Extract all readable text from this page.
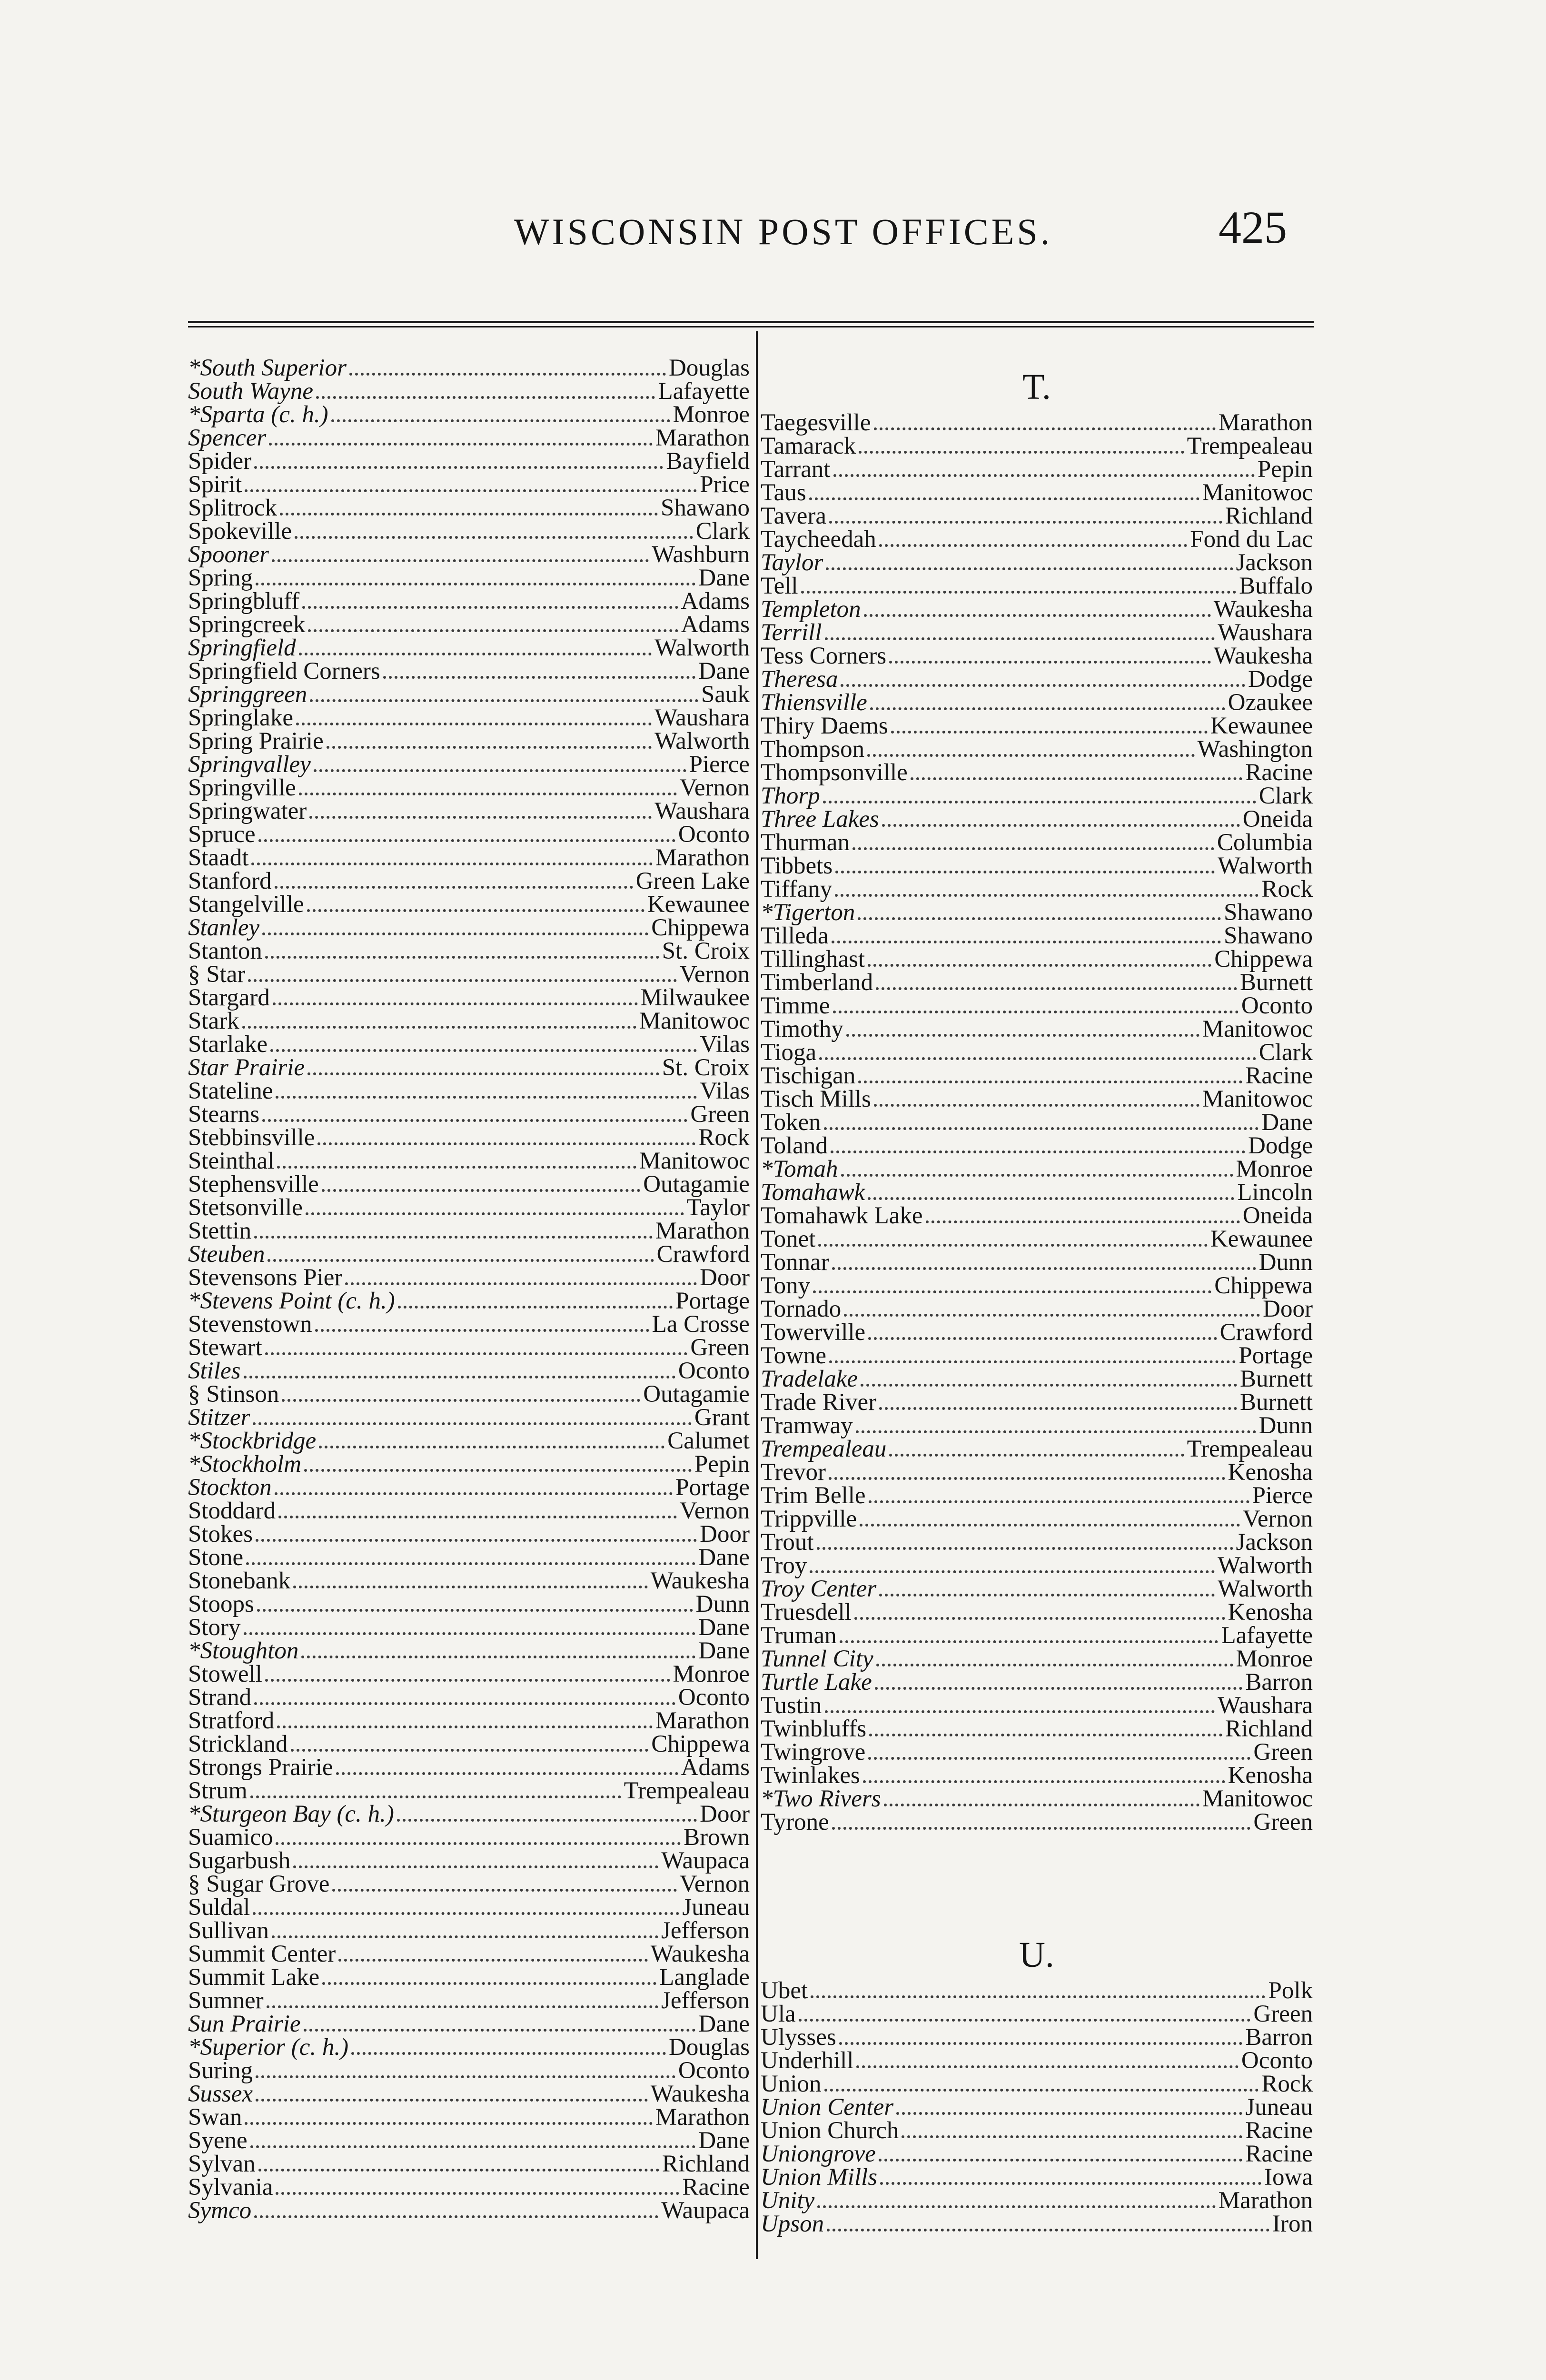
WISCONSIN POST OFFICES.	425
*South Superior	Douglas
South Wayne	Lafayette
*Sparta (c. h.)	Monroe
Spencer	Marathon
Spider	Bayfield
Spirit	Price
Splitrock	Shawano
Spokeville	Clark
Spooner	Washburn
Spring	Dane
Springbluff	Adams
Springcreek	Adams
Springfield	Walworth
Springfield Corners	Dane
Springgreen	Sauk
Springlake	Waushara
Spring Prairie	Walworth
Springvalley	Pierce
Springville	Vernon
Springwater	Waushara
Spruce	Oconto
Staadt	Marathon
Stanford	Green Lake
Stangelville	Kewaunee
Stanley	Chippewa
Stanton	St. Croix
§ Star	Vernon
Stargard	Milwaukee
Stark	Manitowoc
Starlake	Vilas
Star Prairie	St. Croix
Stateline	Vilas
Stearns	Green
Stebbinsville	Rock
Steinthal	Manitowoc
Stephensville	Outagamie
Stetsonville	Taylor
Stettin	Marathon
Steuben	Crawford
Stevensons Pier	Door
*Stevens Point (c. h.)	Portage
Stevenstown	La Crosse
Stewart	Green
Stiles	Oconto
§ Stinson	Outagamie
Stitzer	Grant
*Stockbridge	Calumet
*Stockholm	Pepin
Stockton	Portage
Stoddard	Vernon
Stokes	Door
Stone	Dane
Stonebank	Waukesha
Stoops	Dunn
Story	Dane
*Stoughton	Dane
Stowell	Monroe
Strand	Oconto
Stratford	Marathon
Strickland	Chippewa
Strongs Prairie	Adams
Strum	Trempealeau
*Sturgeon Bay (c. h.)	Door
Suamico	Brown
Sugarbush	Waupaca
§ Sugar Grove	Vernon
Suldal	Juneau
Sullivan	Jefferson
Summit Center	Waukesha
Summit Lake	Langlade
Sumner	Jefferson
Sun Prairie	Dane
*Superior (c. h.)	Douglas
Suring	Oconto
Sussex	Waukesha
Swan	Marathon
Syene	Dane
Sylvan	Richland
Sylvania	Racine
Symco	Waupaca
T.
Taegesville	Marathon
Tamarack	Trempealeau
Tarrant	Pepin
Taus	Manitowoc
Tavera	Richland
Taycheedah	Fond du Lac
Taylor	Jackson
Tell	Buffalo
Templeton	Waukesha
Terrill	Waushara
Tess Corners	Waukesha
Theresa	Dodge
Thiensville	Ozaukee
Thiry Daems	Kewaunee
Thompson	Washington
Thompsonville	Racine
Thorp	Clark
Three Lakes	Oneida
Thurman	Columbia
Tibbets	Walworth
Tiffany	Rock
*Tigerton	Shawano
Tilleda	Shawano
Tillinghast	Chippewa
Timberland	Burnett
Timme	Oconto
Timothy	Manitowoc
Tioga	Clark
Tischigan	Racine
Tisch Mills	Manitowoc
Token	Dane
Toland	Dodge
*Tomah	Monroe
Tomahawk	Lincoln
Tomahawk Lake	Oneida
Tonet	Kewaunee
Tonnar	Dunn
Tony	Chippewa
Tornado	Door
Towerville	Crawford
Towne	Portage
Tradelake	Burnett
Trade River	Burnett
Tramway	Dunn
Trempealeau	Trempealeau
Trevor	Kenosha
Trim Belle	Pierce
Trippville	Vernon
Trout	Jackson
Troy	Walworth
Troy Center	Walworth
Truesdell	Kenosha
Truman	Lafayette
Tunnel City	Monroe
Turtle Lake	Barron
Tustin	Waushara
Twinbluffs	Richland
Twingrove	Green
Twinlakes	Kenosha
*Two Rivers	Manitowoc
Tyrone	Green
U.
Ubet	Polk
Ula	Green
Ulysses	Barron
Underhill	Oconto
Union	Rock
Union Center	Juneau
Union Church	Racine
Uniongrove	Racine
Union Mills	Iowa
Unity	Marathon
Upson	Iron
